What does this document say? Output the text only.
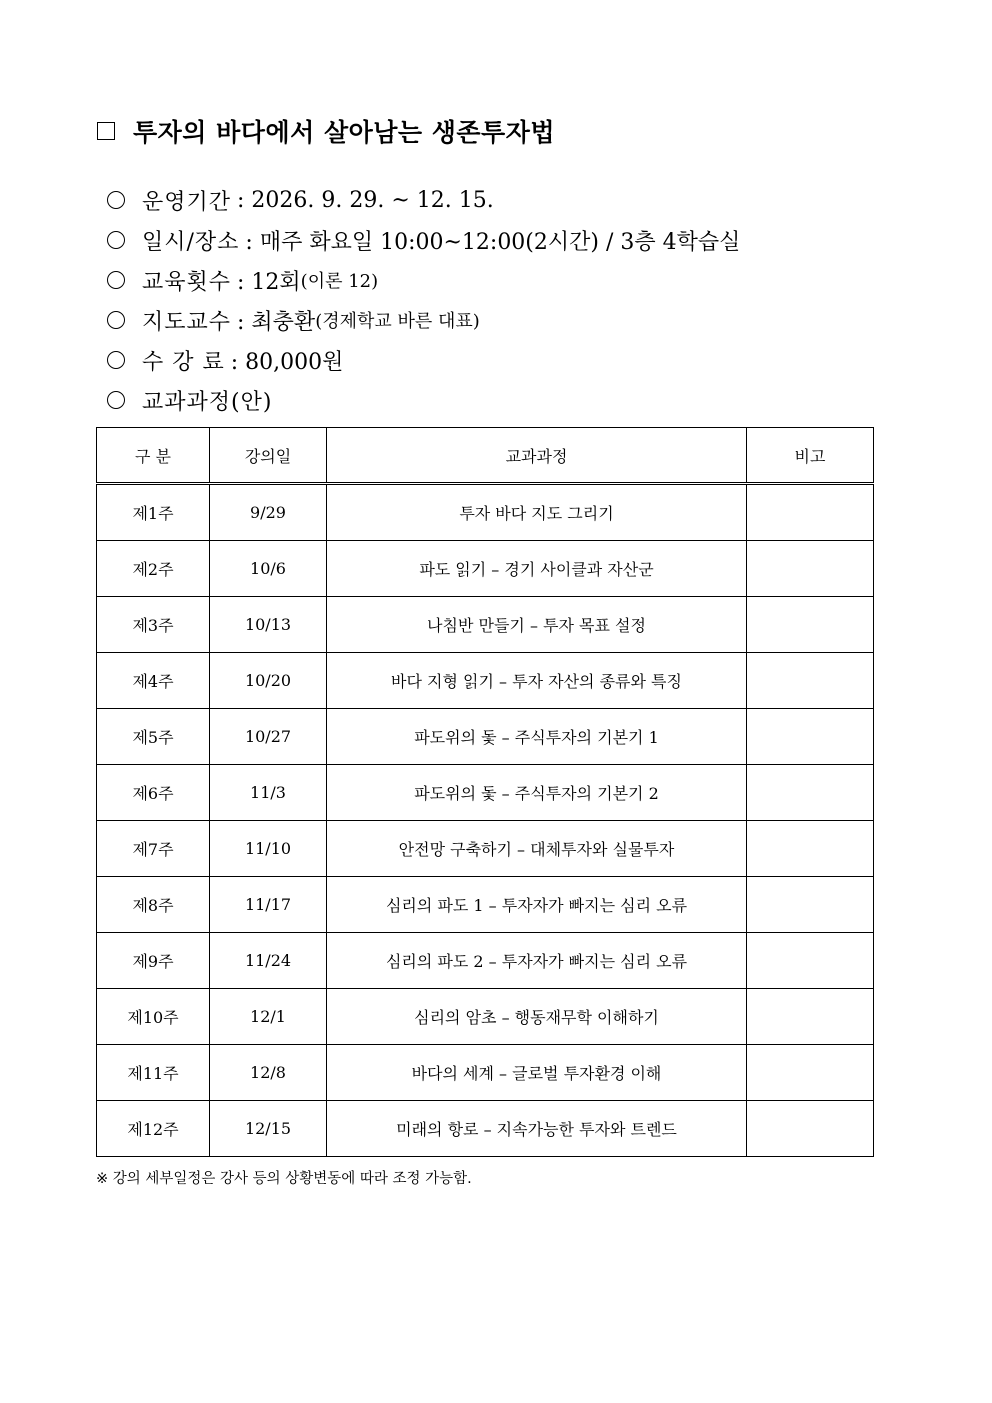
투자의 바다에서 살아남는 생존투자법
운영기간 : 2026. 9. 29. ~ 12. 15.
일시/장소 : 매주 화요일 10:00~12:00(2시간) / 3층 4학습실
교육횟수 : 12회 (이론 12)
지도교수 : 최충환 (경제학교 바른 대표)
수 강 료 : 80,000원
교과과정(안)
구 분	강의일	교과과정	비고
제1주	9/29	투자 바다 지도 그리기	
제2주	10/6	파도 읽기 – 경기 사이클과 자산군	
제3주	10/13	나침반 만들기 – 투자 목표 설정	
제4주	10/20	바다 지형 읽기 – 투자 자산의 종류와 특징	
제5주	10/27	파도위의 돛 – 주식투자의 기본기 1	
제6주	11/3	파도위의 돛 – 주식투자의 기본기 2	
제7주	11/10	안전망 구축하기 – 대체투자와 실물투자	
제8주	11/17	심리의 파도 1 – 투자자가 빠지는 심리 오류	
제9주	11/24	심리의 파도 2 – 투자자가 빠지는 심리 오류	
제10주	12/1	심리의 암초 – 행동재무학 이해하기	
제11주	12/8	바다의 세계 – 글로벌 투자환경 이해	
제12주	12/15	미래의 항로 – 지속가능한 투자와 트렌드	
※ 강의 세부일정은 강사 등의 상황변동에 따라 조정 가능함.
